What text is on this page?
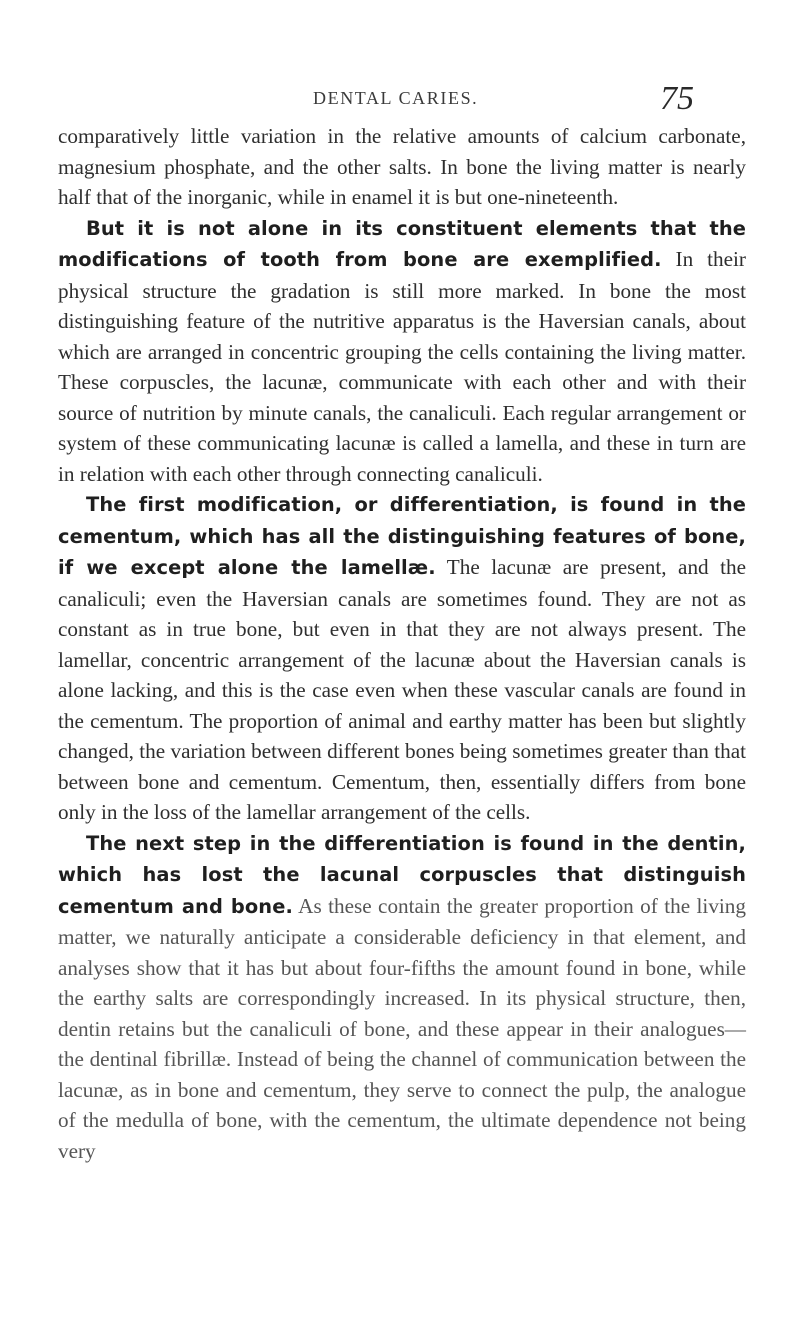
DENTAL CARIES.	75

comparatively little variation in the relative amounts of calcium carbonate, magnesium phosphate, and the other salts. In bone the living matter is nearly half that of the inorganic, while in enamel it is but one-nineteenth.

But it is not alone in its constituent elements that the modifications of tooth from bone are exemplified. In their physical structure the gradation is still more marked. In bone the most distinguishing feature of the nutritive apparatus is the Haversian canals, about which are arranged in concentric grouping the cells containing the living matter. These corpuscles, the lacunæ, communicate with each other and with their source of nutrition by minute canals, the canaliculi. Each regular arrangement or system of these communicating lacunæ is called a lamella, and these in turn are in relation with each other through connecting canaliculi.

The first modification, or differentiation, is found in the cementum, which has all the distinguishing features of bone, if we except alone the lamellæ. The lacunæ are present, and the canaliculi; even the Haversian canals are sometimes found. They are not as constant as in true bone, but even in that they are not always present. The lamellar, concentric arrangement of the lacunæ about the Haversian canals is alone lacking, and this is the case even when these vascular canals are found in the cementum. The proportion of animal and earthy matter has been but slightly changed, the variation between different bones being sometimes greater than that between bone and cementum. Cementum, then, essentially differs from bone only in the loss of the lamellar arrangement of the cells.

The next step in the differentiation is found in the dentin, which has lost the lacunal corpuscles that distinguish cementum and bone. As these contain the greater proportion of the living matter, we naturally anticipate a considerable deficiency in that element, and analyses show that it has but about four-fifths the amount found in bone, while the earthy salts are correspondingly increased. In its physical structure, then, dentin retains but the canaliculi of bone, and these appear in their analogues—the dentinal fibrillæ. Instead of being the channel of communication between the lacunæ, as in bone and cementum, they serve to connect the pulp, the analogue of the medulla of bone, with the cementum, the ultimate dependence not being very
